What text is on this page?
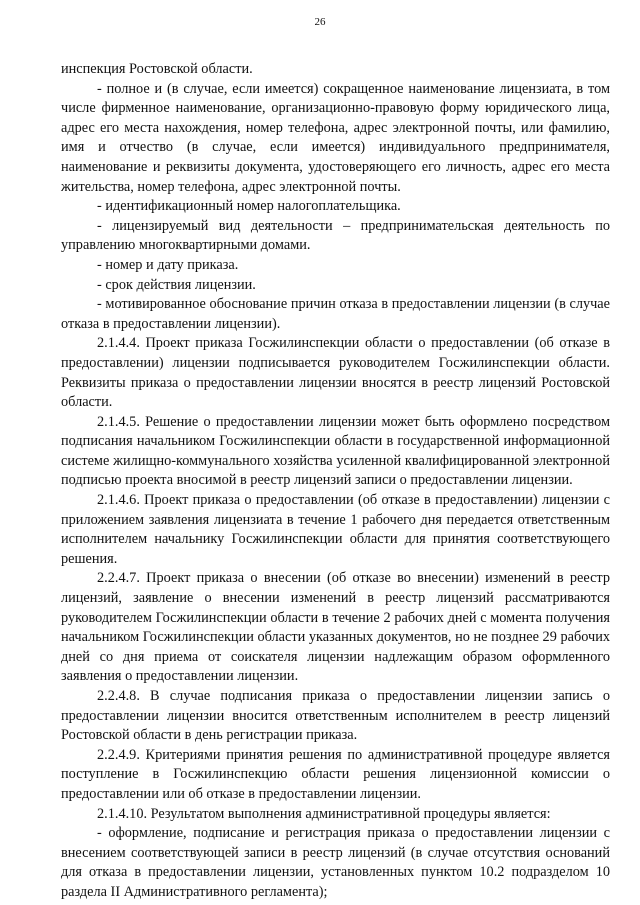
26

инспекция Ростовской области.

- полное и (в случае, если имеется) сокращенное наименование лицензиата, в том числе фирменное наименование, организационно-правовую форму юридического лица, адрес его места нахождения, номер телефона, адрес электронной почты, или фамилию, имя и отчество (в случае, если имеется) индивидуального предпринимателя, наименование и реквизиты документа, удостоверяющего его личность, адрес его места жительства, номер телефона, адрес электронной почты.

- идентификационный номер налогоплательщика.

- лицензируемый вид деятельности – предпринимательская деятельность по управлению многоквартирными домами.

- номер и дату приказа.

- срок действия лицензии.

- мотивированное обоснование причин отказа в предоставлении лицензии (в случае отказа в предоставлении лицензии).

2.1.4.4. Проект приказа Госжилинспекции области о предоставлении (об отказе в предоставлении) лицензии подписывается руководителем Госжилинспекции области. Реквизиты приказа о предоставлении лицензии вносятся в реестр лицензий Ростовской области.

2.1.4.5. Решение о предоставлении лицензии может быть оформлено посредством подписания начальником Госжилинспекции области в государственной информационной системе жилищно-коммунального хозяйства усиленной квалифицированной электронной подписью проекта вносимой в реестр лицензий записи о предоставлении лицензии.

2.1.4.6. Проект приказа о предоставлении (об отказе в предоставлении) лицензии с приложением заявления лицензиата в течение 1 рабочего дня передается ответственным исполнителем начальнику Госжилинспекции области для принятия соответствующего решения.

2.2.4.7. Проект приказа о внесении (об отказе во внесении) изменений в реестр лицензий, заявление о внесении изменений в реестр лицензий рассматриваются руководителем Госжилинспекции области в течение 2 рабочих дней с момента получения начальником Госжилинспекции области указанных документов, но не позднее 29 рабочих дней со дня приема от соискателя лицензии надлежащим образом оформленного заявления о предоставлении лицензии.

2.2.4.8. В случае подписания приказа о предоставлении лицензии запись о предоставлении лицензии вносится ответственным исполнителем в реестр лицензий Ростовской области в день регистрации приказа.

2.2.4.9. Критериями принятия решения по административной процедуре является поступление в Госжилинспекцию области решения лицензионной комиссии о предоставлении или об отказе в предоставлении лицензии.

2.1.4.10. Результатом выполнения административной процедуры является:

- оформление, подписание и регистрация приказа о предоставлении лицензии с внесением соответствующей записи в реестр лицензий (в случае отсутствия оснований для отказа в предоставлении лицензии, установленных пунктом 10.2 подразделом 10 раздела II Административного регламента);
